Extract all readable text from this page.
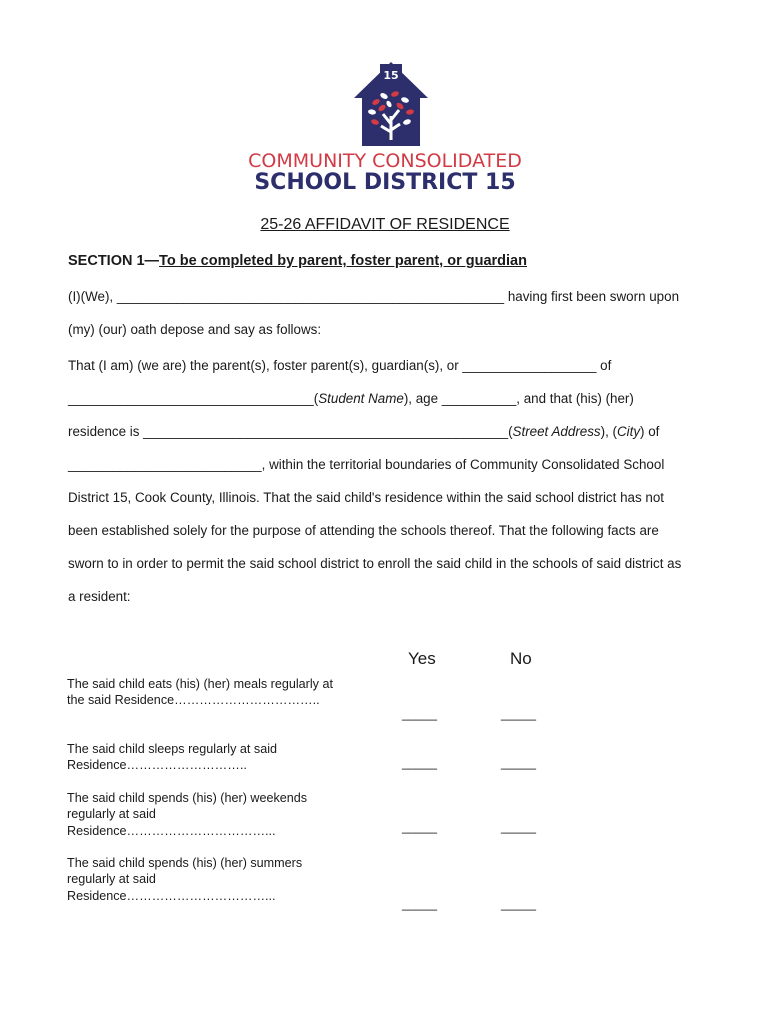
15
COMMUNITY CONSOLIDATED
SCHOOL DISTRICT 15
25-26 AFFIDAVIT OF RESIDENCE
SECTION 1—To be completed by parent, foster parent, or guardian
(I)(We), ____________________________________________________ having first been sworn upon
(my) (our) oath depose and say as follows:
That (I am) (we are) the parent(s), foster parent(s), guardian(s), or __________________ of
_________________________________(Student Name), age __________, and that (his) (her)
residence is _________________________________________________(Street Address), (City) of
__________________________, within the territorial boundaries of Community Consolidated School
District 15, Cook County, Illinois. That the said child's residence within the said school district has not
been established solely for the purpose of attending the schools thereof. That the following facts are
sworn to in order to permit the said school district to enroll the said child in the schools of said district as
a resident:
Yes	No
The said child eats (his) (her) meals regularly at the said Residence……………………………..
_____	_____
The said child sleeps regularly at said Residence………………………..	_____	_____
The said child spends (his) (her) weekends regularly at said Residence……………………………...	_____	_____
The said child spends (his) (her) summers regularly at said Residence……………………………...
_____	_____
